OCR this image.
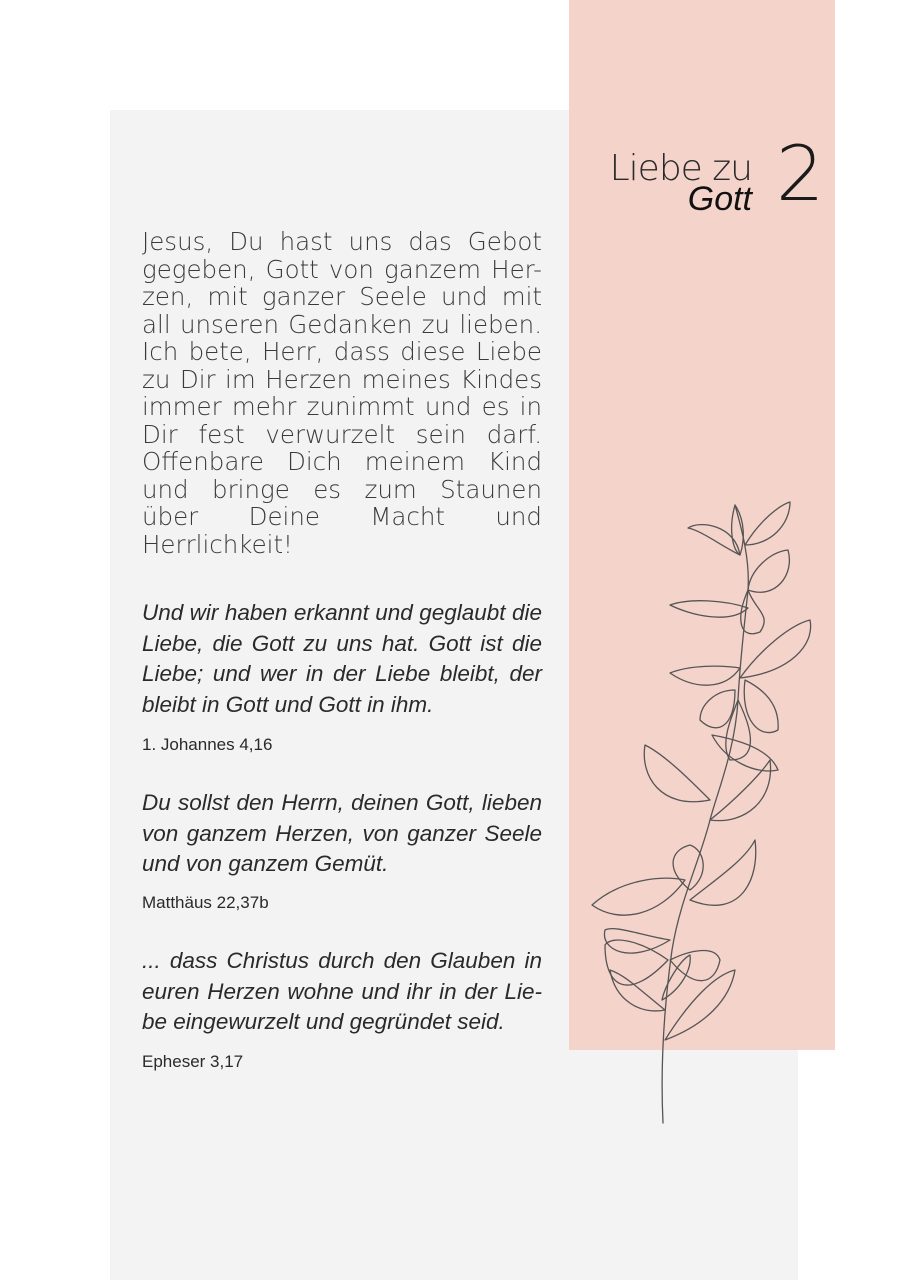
Liebe zu
Gott 2

Jesus, Du hast uns das Gebot gegeben, Gott von ganzem Her-zen, mit ganzer Seele und mit all unseren Gedanken zu lieben. Ich bete, Herr, dass diese Liebe zu Dir im Herzen meines Kindes immer mehr zunimmt und es in Dir fest verwurzelt sein darf. Offenbare Dich meinem Kind und bringe es zum Staunen über Deine Macht und Herrlichkeit!

Und wir haben erkannt und geglaubt die Liebe, die Gott zu uns hat. Gott ist die Liebe; und wer in der Liebe bleibt, der bleibt in Gott und Gott in ihm.

1. Johannes 4,16

Du sollst den Herrn, deinen Gott, lieben von ganzem Herzen, von ganzer Seele und von ganzem Gemüt.

Matthäus 22,37b

... dass Christus durch den Glauben in euren Herzen wohne und ihr in der Lie-be eingewurzelt und gegründet seid.

Epheser 3,17
